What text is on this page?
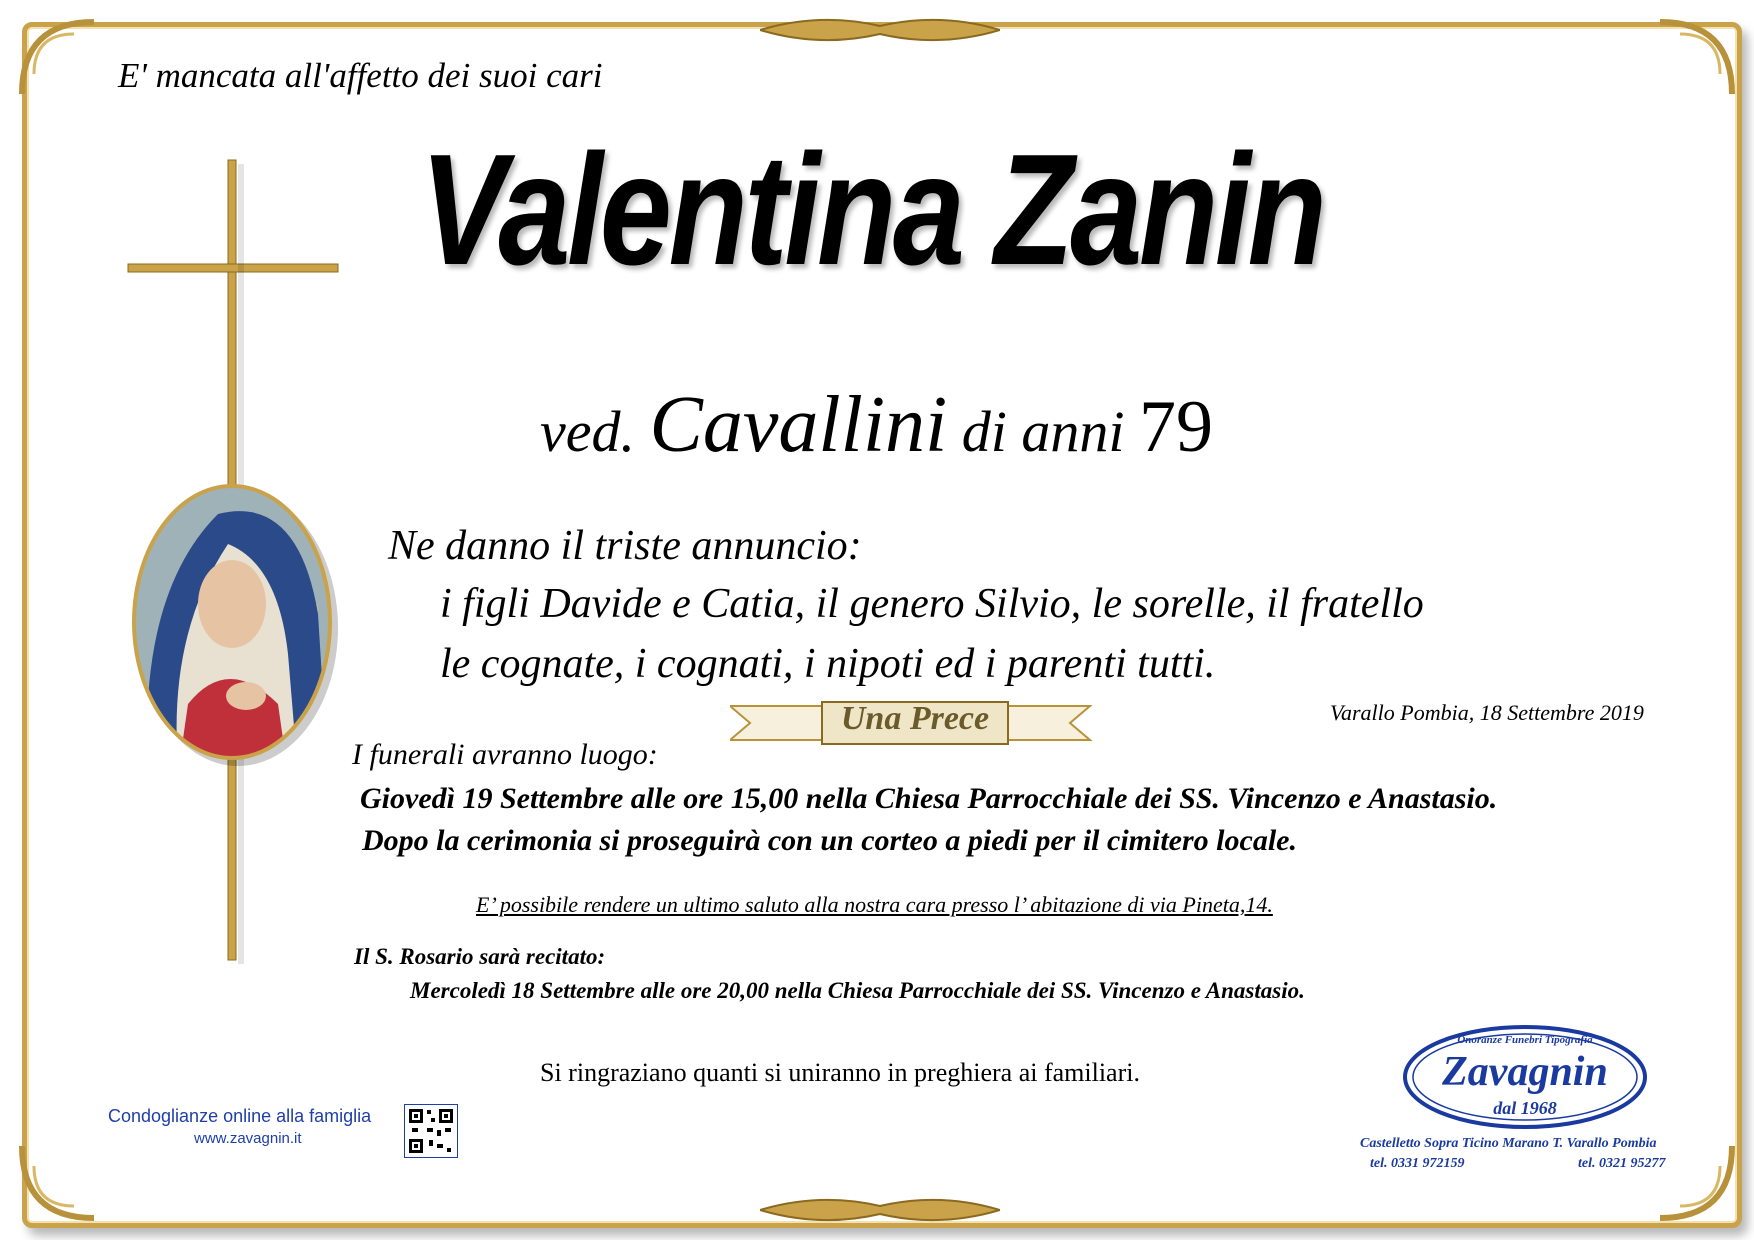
E' mancata all'affetto dei suoi cari
Valentina Zanin
ved. Cavallini di anni 79
Ne danno il triste annuncio:
i figli Davide e Catia, il genero Silvio, le sorelle, il fratello
le cognate, i cognati, i nipoti ed i parenti tutti.
Una Prece	Varallo Pombia, 18 Settembre 2019
I funerali avranno luogo:
Giovedì 19 Settembre alle ore 15,00 nella Chiesa Parrocchiale dei SS. Vincenzo e Anastasio.
Dopo la cerimonia si proseguirà con un corteo a piedi per il cimitero locale.
E’ possibile rendere un ultimo saluto alla nostra cara presso l’ abitazione di via Pineta,14.
Il S. Rosario sarà recitato:
Mercoledì 18 Settembre alle ore 20,00 nella Chiesa Parrocchiale dei SS. Vincenzo e Anastasio.
Si ringraziano quanti si uniranno in preghiera ai familiari.
Condoglianze online alla famiglia
www.zavagnin.it
Onoranze Funebri Tipografia
Zavagnin
dal 1968
Castelletto Sopra Ticino Marano T. Varallo Pombia
tel. 0331 972159	tel. 0321 95277
